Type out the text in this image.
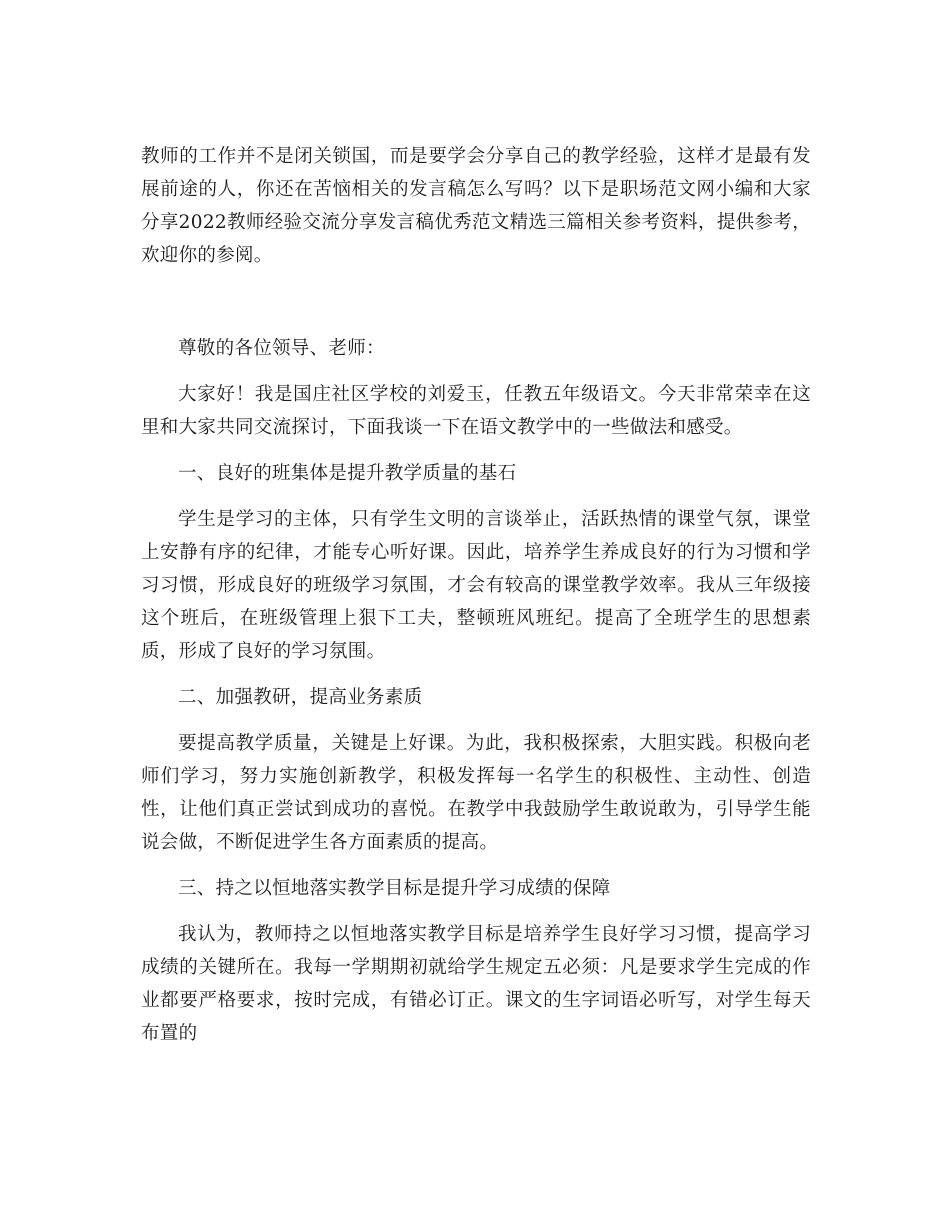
教师的工作并不是闭关锁国，而是要学会分享自己的教学经验，这样才是最有发展前途的人，你还在苦恼相关的发言稿怎么写吗？以下是职场范文网小编和大家分享2022教师经验交流分享发言稿优秀范文精选三篇相关参考资料，提供参考，欢迎你的参阅。

尊敬的各位领导、老师：

大家好！我是国庄社区学校的刘爱玉，任教五年级语文。今天非常荣幸在这里和大家共同交流探讨，下面我谈一下在语文教学中的一些做法和感受。

一、良好的班集体是提升教学质量的基石

学生是学习的主体，只有学生文明的言谈举止，活跃热情的课堂气氛，课堂上安静有序的纪律，才能专心听好课。因此，培养学生养成良好的行为习惯和学习习惯，形成良好的班级学习氛围，才会有较高的课堂教学效率。我从三年级接这个班后，在班级管理上狠下工夫，整顿班风班纪。提高了全班学生的思想素质，形成了良好的学习氛围。

二、加强教研，提高业务素质

要提高教学质量，关键是上好课。为此，我积极探索，大胆实践。积极向老师们学习，努力实施创新教学，积极发挥每一名学生的积极性、主动性、创造性，让他们真正尝试到成功的喜悦。在教学中我鼓励学生敢说敢为，引导学生能说会做，不断促进学生各方面素质的提高。

三、持之以恒地落实教学目标是提升学习成绩的保障

我认为，教师持之以恒地落实教学目标是培养学生良好学习习惯，提高学习成绩的关键所在。我每一学期期初就给学生规定五必须：凡是要求学生完成的作业都要严格要求，按时完成，有错必订正。课文的生字词语必听写，对学生每天布置的
